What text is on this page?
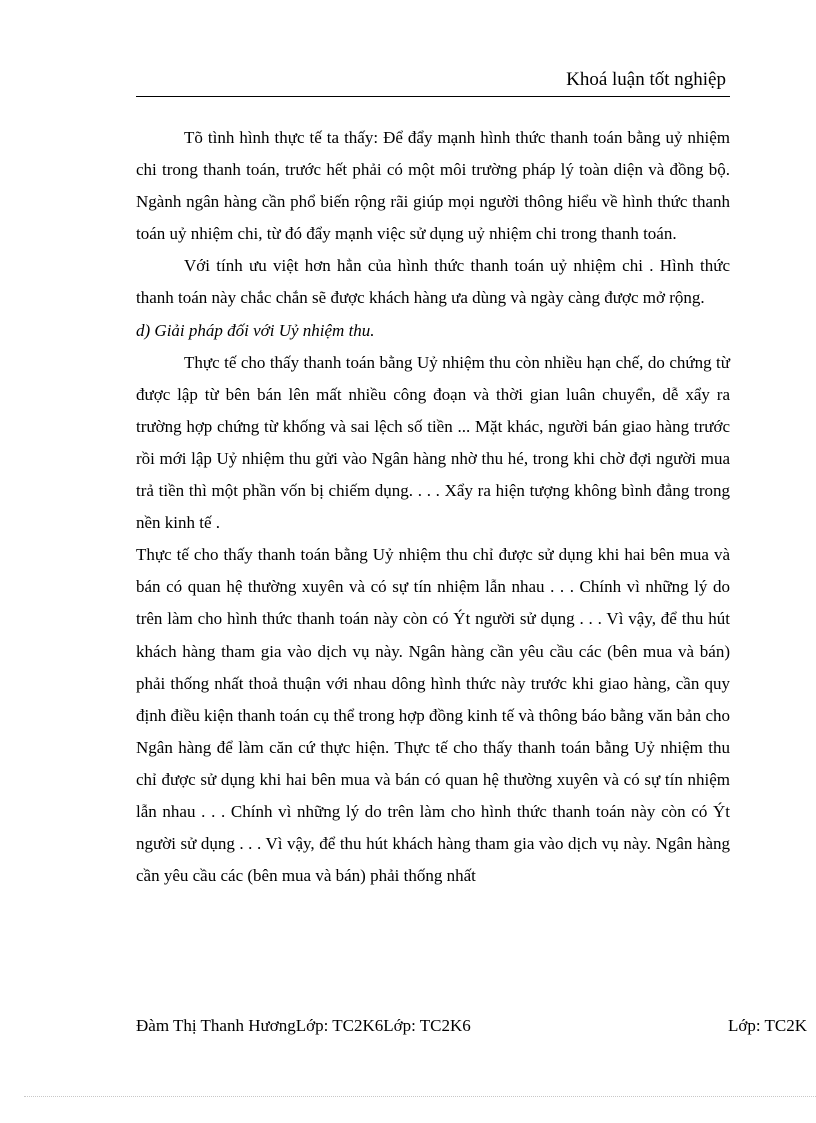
Khoá luận tốt nghiệp

Tõ tình hình thực tế ta thấy: Để đẩy mạnh hình thức thanh toán bằng uỷ nhiệm chi trong thanh toán, trước hết phải có một môi trường pháp lý toàn diện và đồng bộ. Ngành ngân hàng cần phổ biến rộng rãi giúp mọi người thông hiểu về hình thức thanh toán uỷ nhiệm chi, từ đó đẩy mạnh việc sử dụng uỷ nhiệm chi trong thanh toán.

Với tính ưu việt hơn hẳn của hình thức thanh toán uỷ nhiệm chi . Hình thức thanh toán này chắc chắn sẽ được khách hàng ưa dùng và ngày càng được mở rộng.

d) Giải pháp đối với Uỷ nhiệm thu.

Thực tế cho thấy thanh toán bằng Uỷ nhiệm thu còn nhiều hạn chế, do chứng từ được lập từ bên bán lên mất nhiều công đoạn và thời gian luân chuyển, dễ xẩy ra trường hợp chứng từ khống và sai lệch số tiền ... Mặt khác, người bán giao hàng trước rồi mới lập Uỷ nhiệm thu gửi vào Ngân hàng nhờ thu hé, trong khi chờ đợi người mua trả tiền thì một phần vốn bị chiếm dụng. . . . Xẩy ra hiện tượng không bình đẳng trong nền kinh tế .

Thực tế cho thấy thanh toán bằng Uỷ nhiệm thu chỉ được sử dụng khi hai bên mua và bán có quan hệ thường xuyên và có sự tín nhiệm lẫn nhau . . . Chính vì những lý do trên làm cho hình thức thanh toán này còn có Ýt người sử dụng . . . Vì vậy, để thu hút khách hàng tham gia vào dịch vụ này. Ngân hàng cần yêu cầu các (bên mua và bán) phải thống nhất thoả thuận với nhau dông hình thức này trước khi giao hàng, cần quy định điều kiện thanh toán cụ thể trong hợp đồng kinh tế và thông báo bằng văn bản cho Ngân hàng để làm căn cứ thực hiện. Thực tế cho thấy thanh toán bằng Uỷ nhiệm thu chỉ được sử dụng khi hai bên mua và bán có quan hệ thường xuyên và có sự tín nhiệm lẫn nhau . . . Chính vì những lý do trên làm cho hình thức thanh toán này còn có Ýt người sử dụng . . . Vì vậy, để thu hút khách hàng tham gia vào dịch vụ này. Ngân hàng cần yêu cầu các (bên mua và bán) phải thống nhất

Đàm Thị Thanh HươngLớp: TC2K6Lớp: TC2K6	Lớp: TC2K
